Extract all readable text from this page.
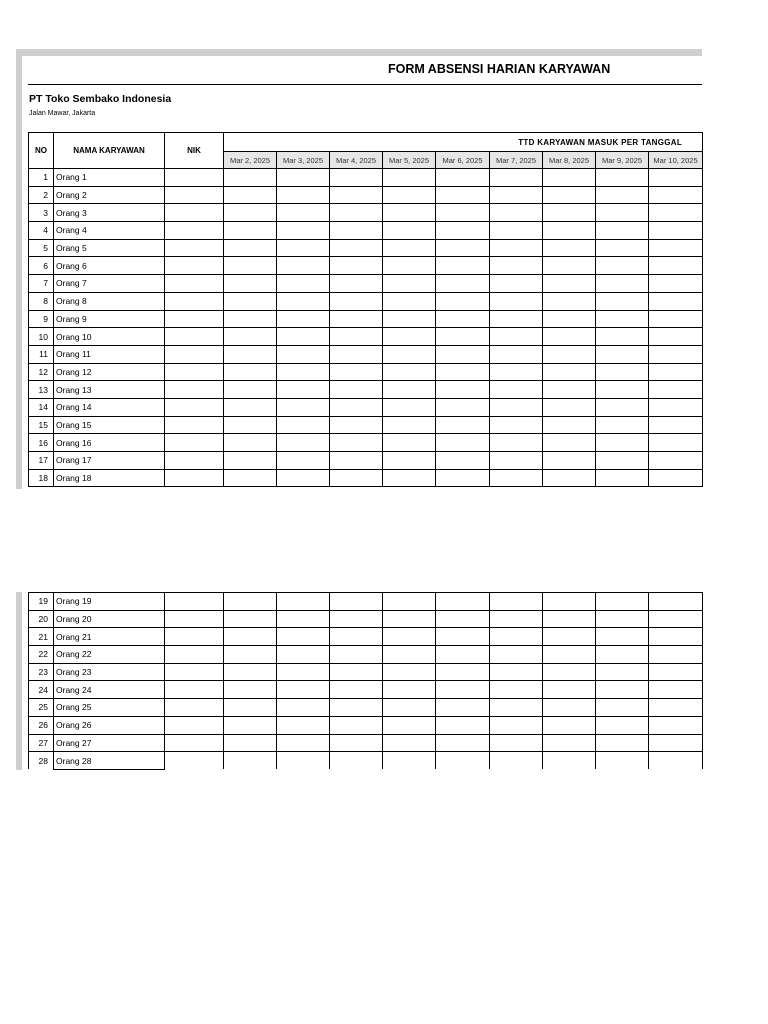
FORM ABSENSI HARIAN KARYAWAN
PT Toko Sembako Indonesia
Jalan Mawar, Jakarta
NO	NAMA KARYAWAN	NIK	TTD KARYAWAN MASUK PER TANGGAL								
			Mar 2, 2025	Mar 3, 2025	Mar 4, 2025	Mar 5, 2025	Mar 6, 2025	Mar 7, 2025	Mar 8, 2025	Mar 9, 2025	Mar 10, 2025
1	Orang 1										
2	Orang 2										
3	Orang 3										
4	Orang 4										
5	Orang 5										
6	Orang 6										
7	Orang 7										
8	Orang 8										
9	Orang 9										
10	Orang 10										
11	Orang 11										
12	Orang 12										
13	Orang 13										
14	Orang 14										
15	Orang 15										
16	Orang 16										
17	Orang 17										
18	Orang 18										
19	Orang 19										
20	Orang 20										
21	Orang 21										
22	Orang 22										
23	Orang 23										
24	Orang 24										
25	Orang 25										
26	Orang 26										
27	Orang 27										
28	Orang 28										
